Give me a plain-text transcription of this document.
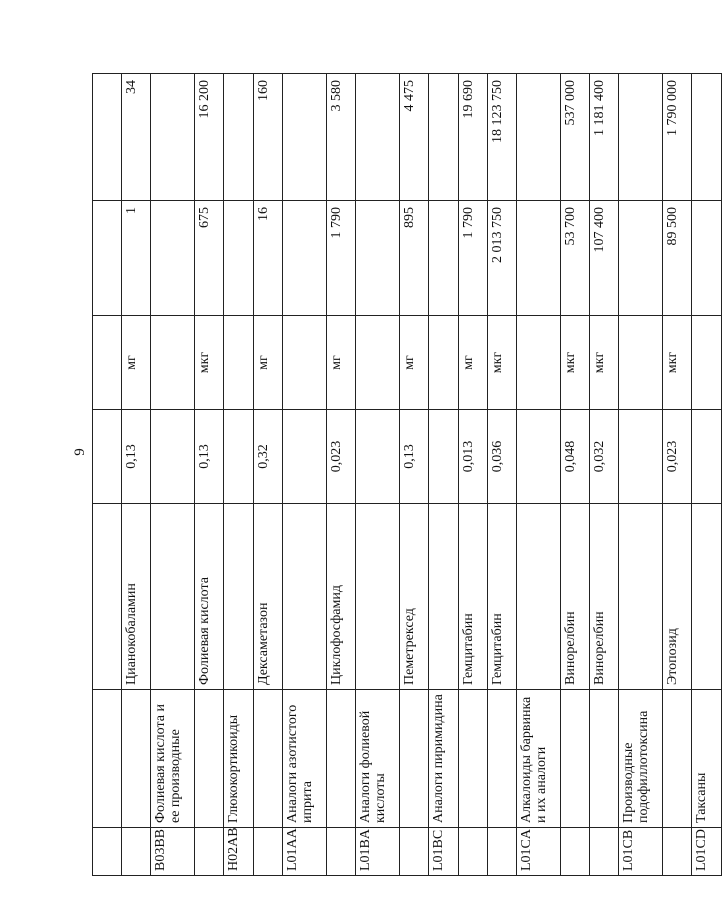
9

		Цианокобаламин	0,13	мг	1	34
B03BB	Фолиевая кислота и ее производные					
		Фолиевая кислота	0,13	мкг	675	16 200
H02AB	Глюкокортикоиды					
		Дексаметазон	0,32	мг	16	160
L01AA	Аналоги азотистого иприта					
		Циклофосфамид	0,023	мг	1 790	3 580
L01BA	Аналоги фолиевой кислоты					
		Пеметрексед	0,13	мг	895	4 475
L01BC	Аналоги пиримидина					
		Гемцитабин	0,013	мг	1 790	19 690
		Гемцитабин	0,036	мкг	2 013 750	18 123 750
L01CA	Алкалоиды барвинка и их аналоги					
		Винорелбин	0,048	мкг	53 700	537 000
		Винорелбин	0,032	мкг	107 400	1 181 400
L01CB	Производные подофиллотоксина					
		Этопозид	0,023	мкг	89 500	1 790 000
L01CD	Таксаны					
